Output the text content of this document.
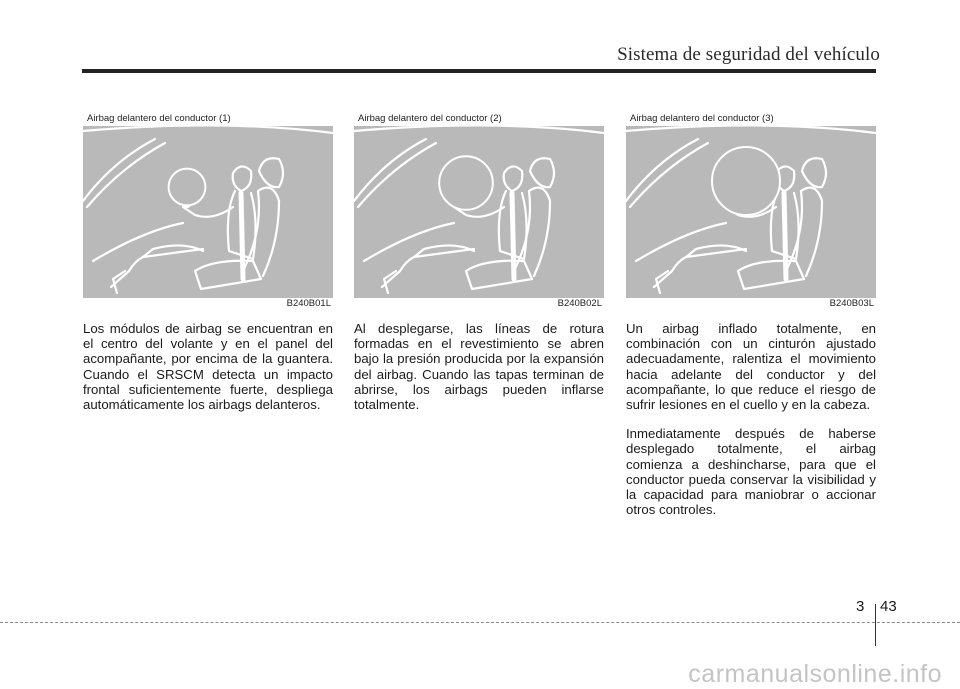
Sistema de seguridad del vehículo
Airbag delantero del conductor (1)
B240B01L

Los módulos de airbag se encuentran en el centro del volante y en el panel del acompañante, por encima de la guantera. Cuando el SRSCM detecta un impacto frontal suficientemente fuerte, despliega automáticamente los airbags delanteros.

Airbag delantero del conductor (2)
B240B02L

Al desplegarse, las líneas de rotura formadas en el revestimiento se abren bajo la presión producida por la expansión del airbag. Cuando las tapas terminan de abrirse, los airbags pueden inflarse totalmente.

Airbag delantero del conductor (3)
B240B03L

Un airbag inflado totalmente, en combinación con un cinturón ajustado adecuadamente, ralentiza el movimiento hacia adelante del conductor y del acompañante, lo que reduce el riesgo de sufrir lesiones en el cuello y en la cabeza.

Inmediatamente después de haberse desplegado totalmente, el airbag comienza a deshincharse, para que el conductor pueda conservar la visibilidad y la capacidad para maniobrar o accionar otros controles.

3 43
carmanualsonline.info
